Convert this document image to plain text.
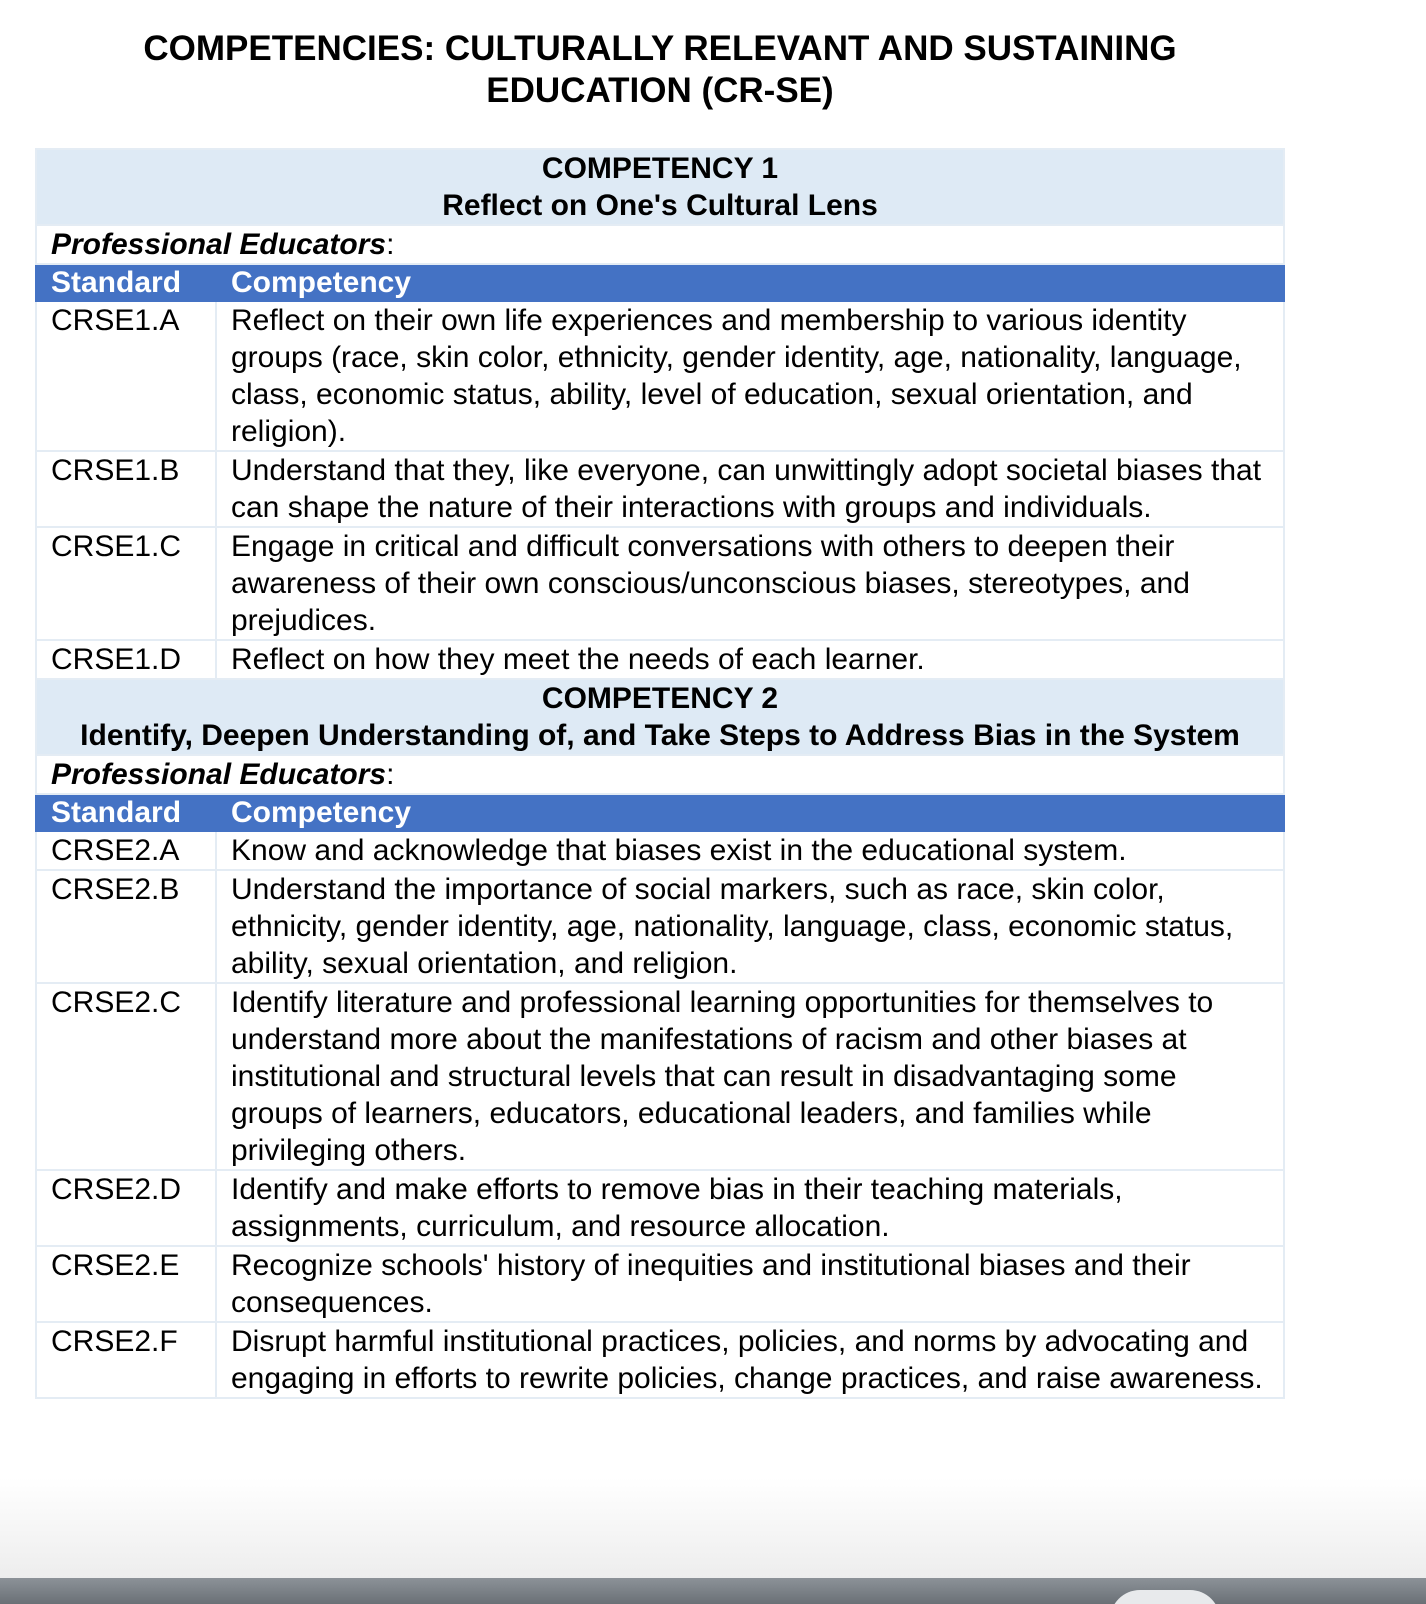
COMPETENCIES: CULTURALLY RELEVANT AND SUSTAINING EDUCATION (CR-SE)
COMPETENCY 1
Reflect on One's Cultural Lens	

Professional Educators:	
Standard	Competency
CRSE1.A	Reflect on their own life experiences and membership to various identity groups (race, skin color, ethnicity, gender identity, age, nationality, language, class, economic status, ability, level of education, sexual orientation, and religion).
CRSE1.B	Understand that they, like everyone, can unwittingly adopt societal biases that can shape the nature of their interactions with groups and individuals.
CRSE1.C	Engage in critical and difficult conversations with others to deepen their awareness of their own conscious/unconscious biases, stereotypes, and prejudices.
CRSE1.D	Reflect on how they meet the needs of each learner.

COMPETENCY 2
Identify, Deepen Understanding of, and Take Steps to Address Bias in the System	

Professional Educators:	
Standard	Competency
CRSE2.A	Know and acknowledge that biases exist in the educational system.
CRSE2.B	Understand the importance of social markers, such as race, skin color, ethnicity, gender identity, age, nationality, language, class, economic status, ability, sexual orientation, and religion.
CRSE2.C	Identify literature and professional learning opportunities for themselves to understand more about the manifestations of racism and other biases at institutional and structural levels that can result in disadvantaging some groups of learners, educators, educational leaders, and families while privileging others.
CRSE2.D	Identify and make efforts to remove bias in their teaching materials, assignments, curriculum, and resource allocation.
CRSE2.E	Recognize schools' history of inequities and institutional biases and their consequences.
CRSE2.F	Disrupt harmful institutional practices, policies, and norms by advocating and engaging in efforts to rewrite policies, change practices, and raise awareness.
